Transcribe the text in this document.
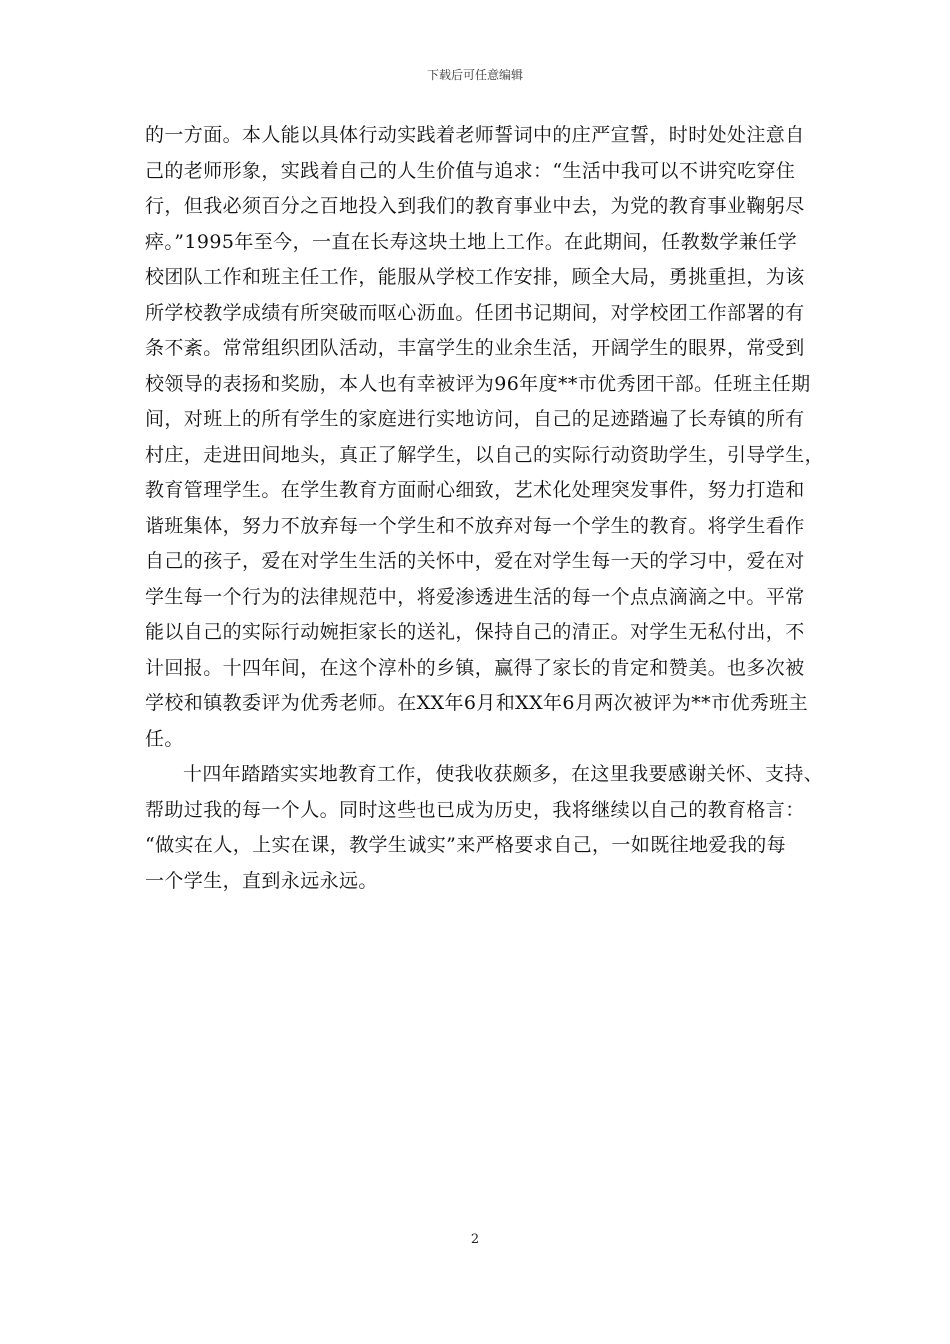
下载后可任意编辑
的一方面。本人能以具体行动实践着老师誓词中的庄严宣誓，时时处处注意自
己的老师形象，实践着自己的人生价值与追求：“生活中我可以不讲究吃穿住
行，但我必须百分之百地投入到我们的教育事业中去，为党的教育事业鞠躬尽
瘁。”1995年至今，一直在长寿这块土地上工作。在此期间，任教数学兼任学
校团队工作和班主任工作，能服从学校工作安排，顾全大局，勇挑重担，为该
所学校教学成绩有所突破而呕心沥血。任团书记期间，对学校团工作部署的有
条不紊。常常组织团队活动，丰富学生的业余生活，开阔学生的眼界，常受到
校领导的表扬和奖励，本人也有幸被评为96年度**市优秀团干部。任班主任期
间，对班上的所有学生的家庭进行实地访问，自己的足迹踏遍了长寿镇的所有
村庄，走进田间地头，真正了解学生，以自己的实际行动资助学生，引导学生，
教育管理学生。在学生教育方面耐心细致，艺术化处理突发事件，努力打造和
谐班集体，努力不放弃每一个学生和不放弃对每一个学生的教育。将学生看作
自己的孩子，爱在对学生生活的关怀中，爱在对学生每一天的学习中，爱在对
学生每一个行为的法律规范中，将爱渗透进生活的每一个点点滴滴之中。平常
能以自己的实际行动婉拒家长的送礼，保持自己的清正。对学生无私付出，不
计回报。十四年间，在这个淳朴的乡镇，赢得了家长的肯定和赞美。也多次被
学校和镇教委评为优秀老师。在XX年6月和XX年6月两次被评为**市优秀班主
任。
十四年踏踏实实地教育工作，使我收获颇多，在这里我要感谢关怀、支持、
帮助过我的每一个人。同时这些也已成为历史，我将继续以自己的教育格言：
“做实在人，上实在课，教学生诚实”来严格要求自己，一如既往地爱我的每
一个学生，直到永远永远。
2
